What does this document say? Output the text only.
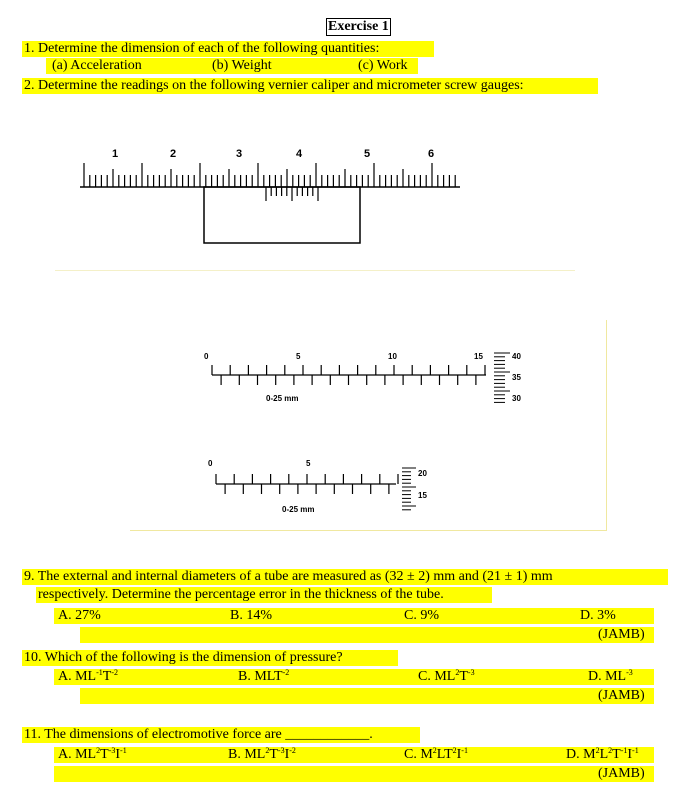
Exercise 1
1. Determine the dimension of each of the following quantities:
(a) Acceleration	(b) Weight	(c) Work
2. Determine the readings on the following vernier caliper and micrometer screw gauges:
1	2	3	4	5	6
0	5	10	15	40
35
30
0-25 mm
0	5
20
15
0-25 mm
9. The external and internal diameters of a tube are measured as (32 ± 2) mm and (21 ± 1) mm
respectively. Determine the percentage error in the thickness of the tube.
A. 27%	B. 14%	C. 9%	D. 3%
(JAMB)
10. Which of the following is the dimension of pressure?
A. $ML^{-1}T^{-2}$	B. $MLT^{-2}$	C. $ML^2T^{-3}$	D. $ML^{-3}$
(JAMB)
11. The dimensions of electromotive force are ____________.
A. $ML^2T^{-3}I^{-1}$	B. $ML^2T^{-3}I^{-2}$	C. $M^2LT^2I^{-1}$	D. $M^2L^2T^{-1}I^{-1}$
(JAMB)
